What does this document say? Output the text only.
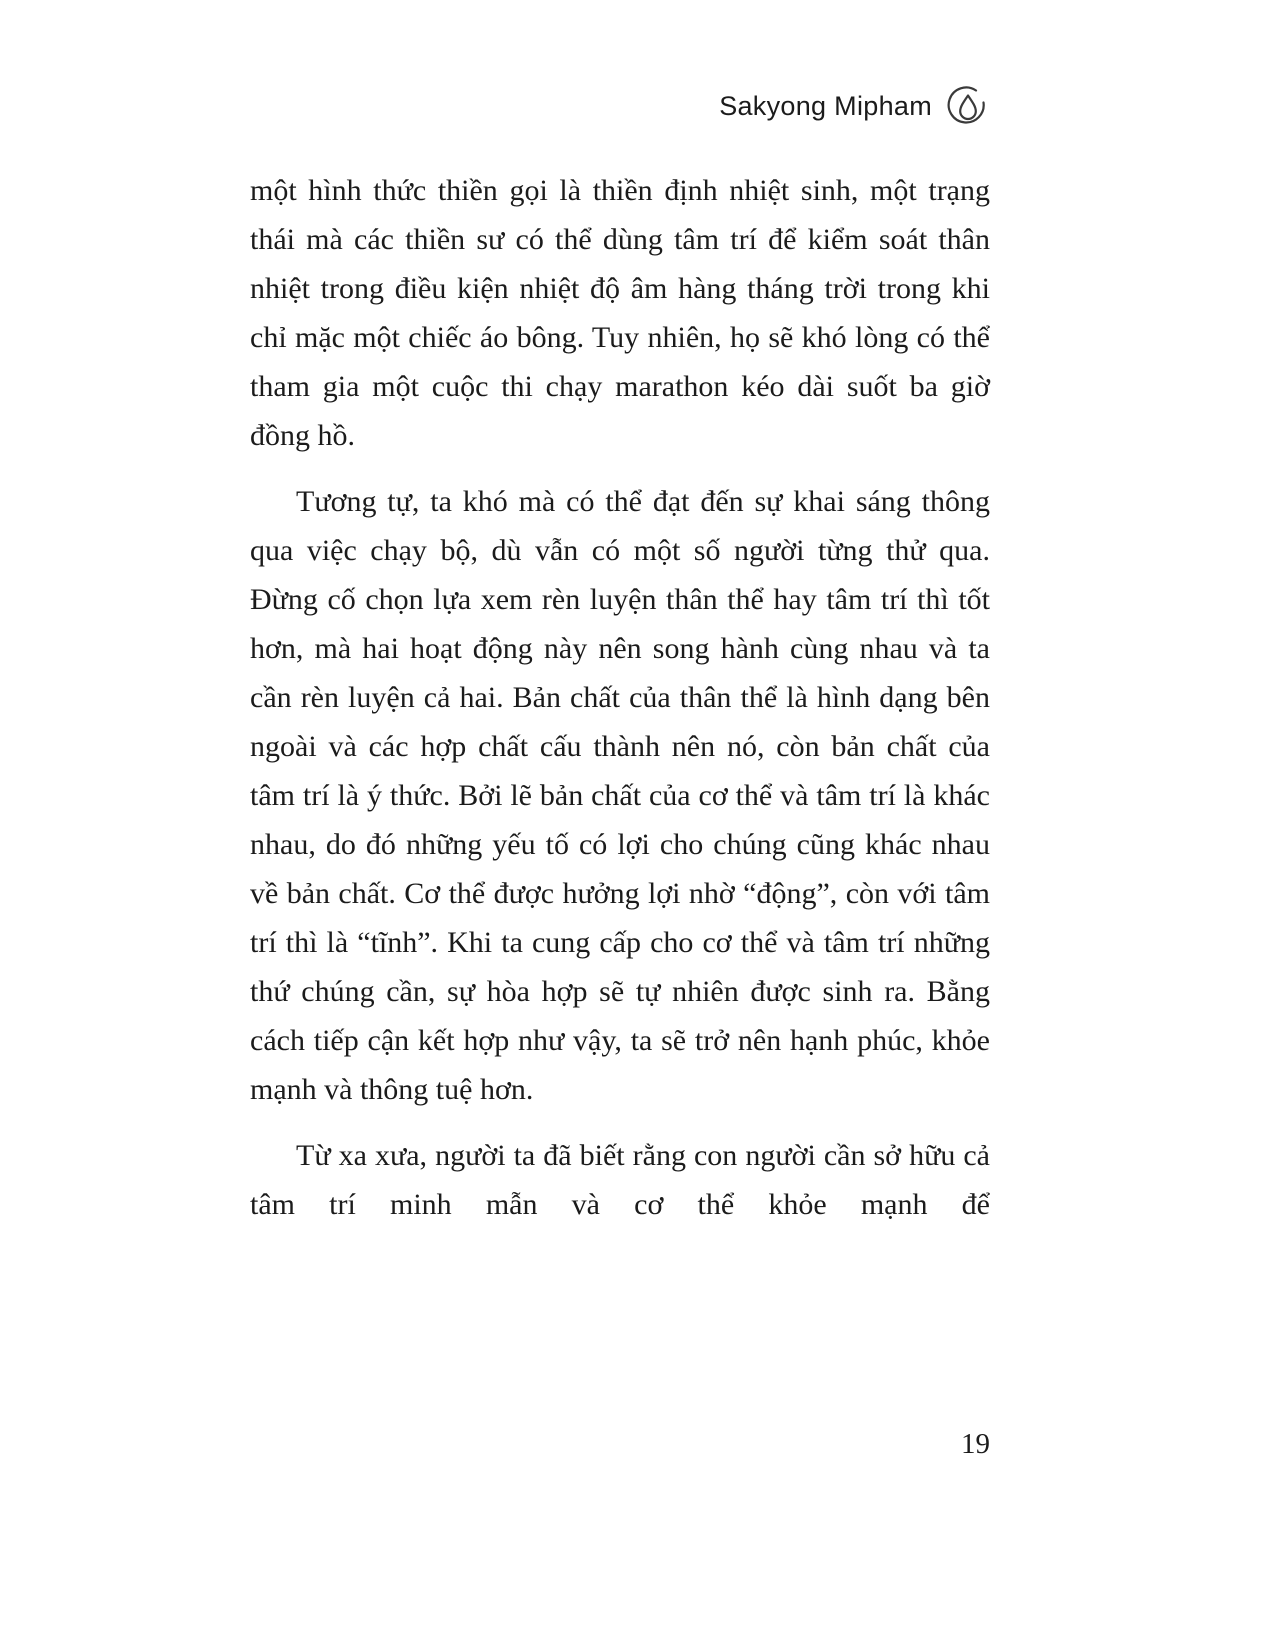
Sakyong Mipham

một hình thức thiền gọi là thiền định nhiệt sinh, một trạng thái mà các thiền sư có thể dùng tâm trí để kiểm soát thân nhiệt trong điều kiện nhiệt độ âm hàng tháng trời trong khi chỉ mặc một chiếc áo bông. Tuy nhiên, họ sẽ khó lòng có thể tham gia một cuộc thi chạy marathon kéo dài suốt ba giờ đồng hồ.

Tương tự, ta khó mà có thể đạt đến sự khai sáng thông qua việc chạy bộ, dù vẫn có một số người từng thử qua. Đừng cố chọn lựa xem rèn luyện thân thể hay tâm trí thì tốt hơn, mà hai hoạt động này nên song hành cùng nhau và ta cần rèn luyện cả hai. Bản chất của thân thể là hình dạng bên ngoài và các hợp chất cấu thành nên nó, còn bản chất của tâm trí là ý thức. Bởi lẽ bản chất của cơ thể và tâm trí là khác nhau, do đó những yếu tố có lợi cho chúng cũng khác nhau về bản chất. Cơ thể được hưởng lợi nhờ “động”, còn với tâm trí thì là “tĩnh”. Khi ta cung cấp cho cơ thể và tâm trí những thứ chúng cần, sự hòa hợp sẽ tự nhiên được sinh ra. Bằng cách tiếp cận kết hợp như vậy, ta sẽ trở nên hạnh phúc, khỏe mạnh và thông tuệ hơn.

Từ xa xưa, người ta đã biết rằng con người cần sở hữu cả tâm trí minh mẫn và cơ thể khỏe mạnh để

19
